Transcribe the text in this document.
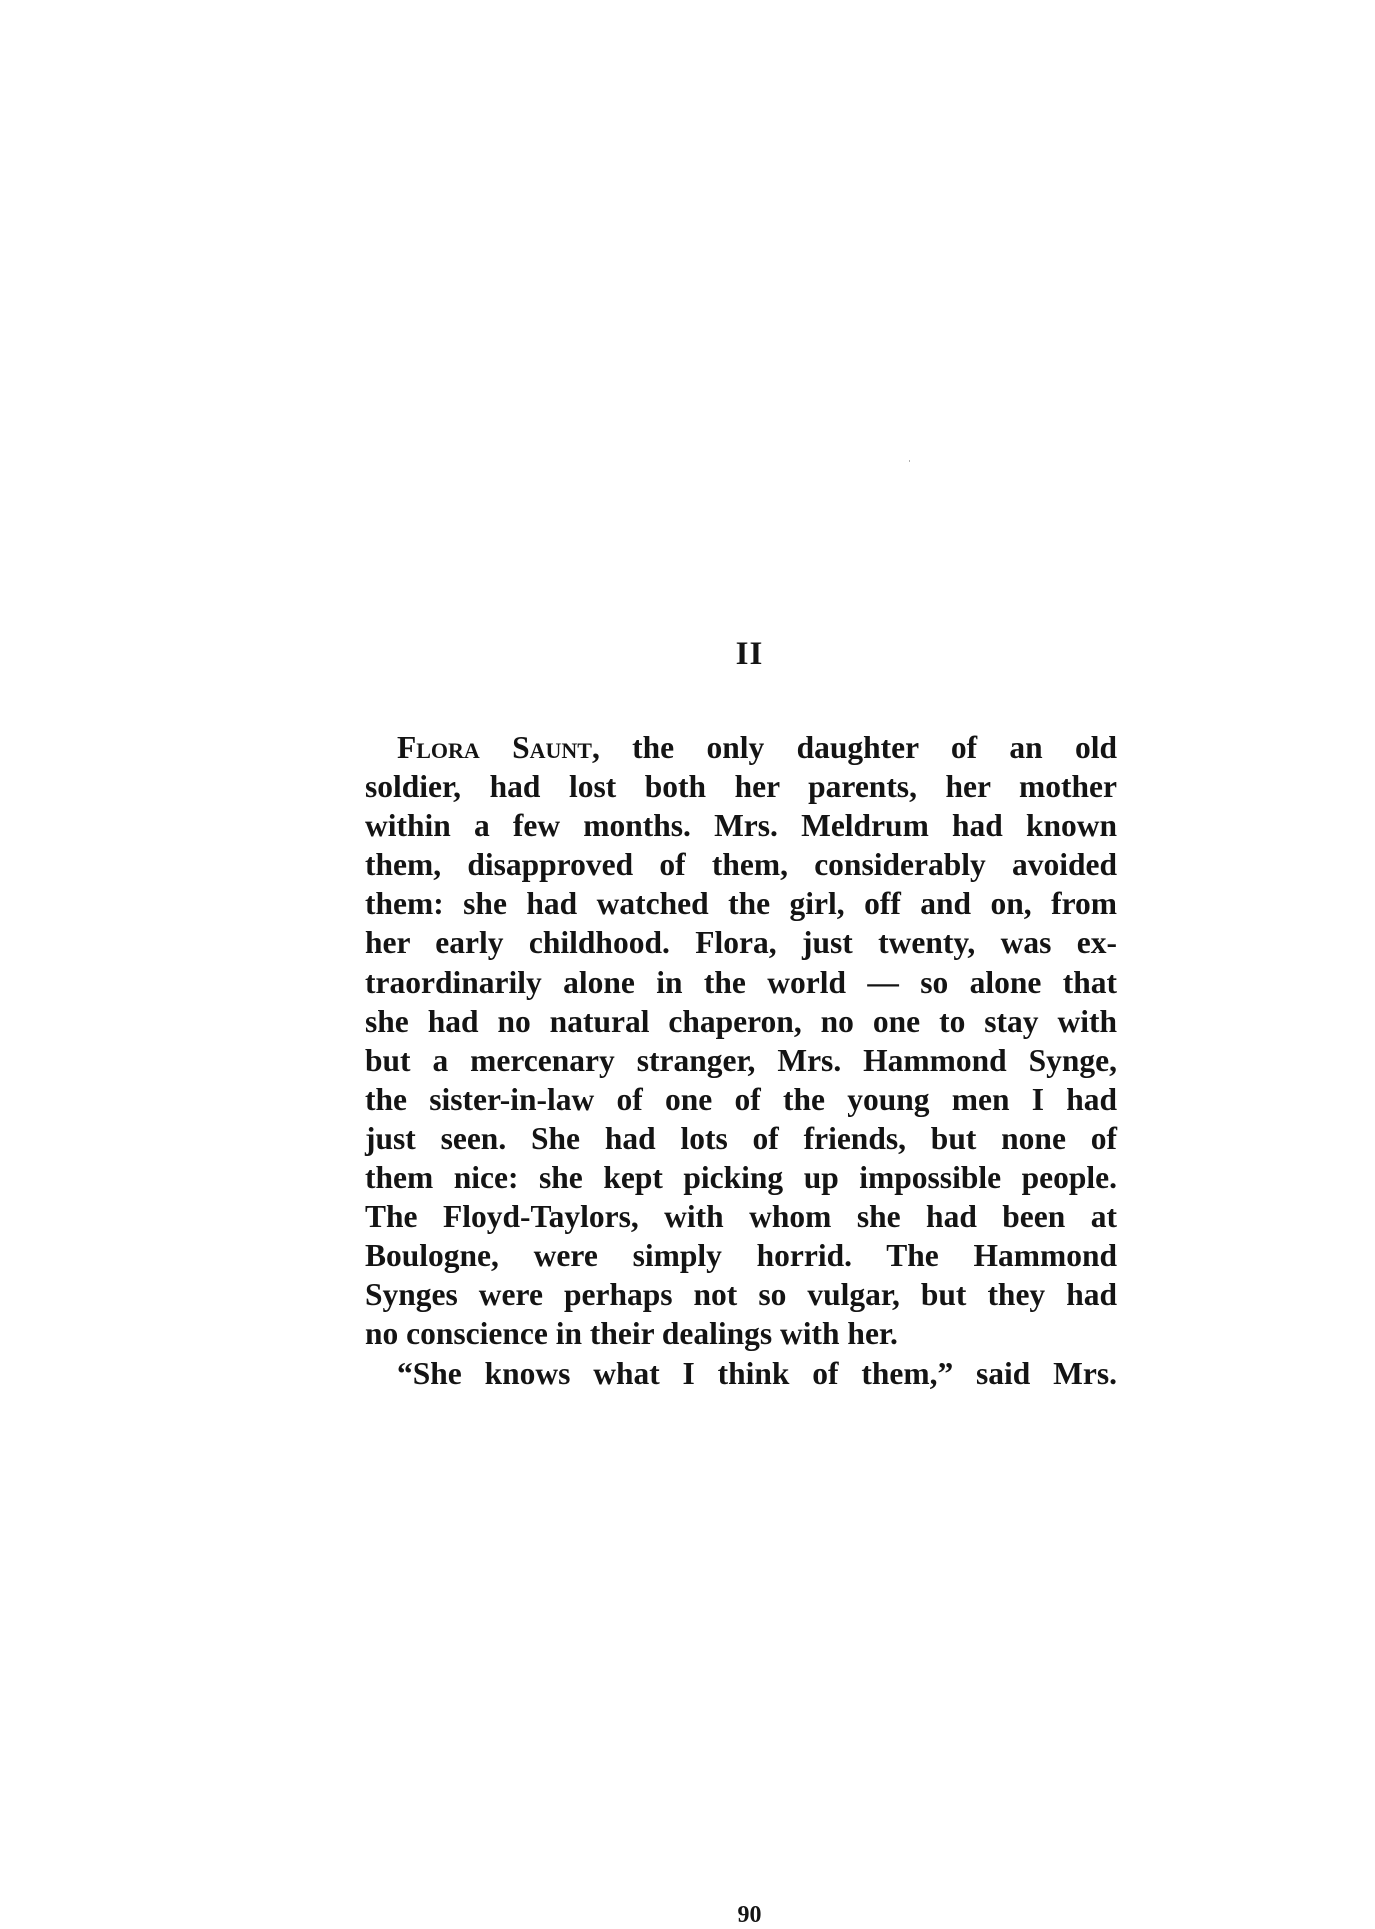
II
Flora Saunt, the only daughter of an old
soldier, had lost both her parents, her mother
within a few months. Mrs. Meldrum had known
them, disapproved of them, considerably avoided
them: she had watched the girl, off and on, from
her early childhood. Flora, just twenty, was ex-
traordinarily alone in the world — so alone that
she had no natural chaperon, no one to stay with
but a mercenary stranger, Mrs. Hammond Synge,
the sister-in-law of one of the young men I had
just seen. She had lots of friends, but none of
them nice: she kept picking up impossible people.
The Floyd-Taylors, with whom she had been at
Boulogne, were simply horrid. The Hammond
Synges were perhaps not so vulgar, but they had
no conscience in their dealings with her.
“She knows what I think of them,” said Mrs.
90
